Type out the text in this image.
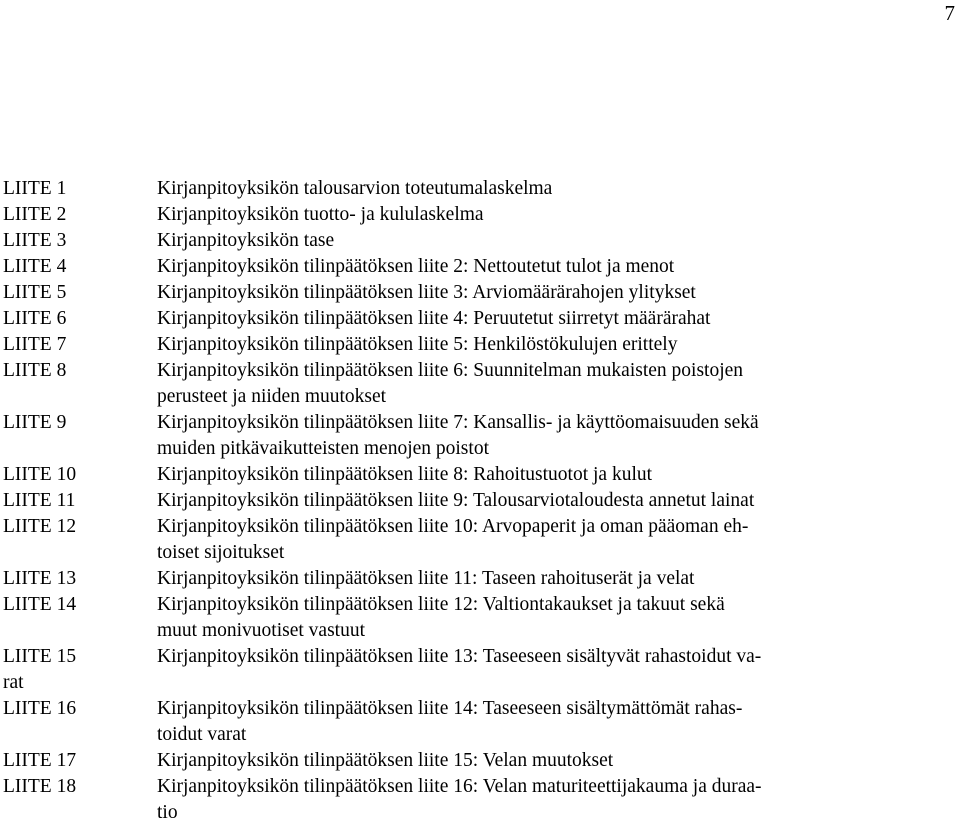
7
LIITE 1	Kirjanpitoyksikön talousarvion toteutumalaskelma
LIITE 2	Kirjanpitoyksikön tuotto- ja kululaskelma
LIITE 3	Kirjanpitoyksikön tase
LIITE 4	Kirjanpitoyksikön tilinpäätöksen liite 2: Nettoutetut tulot ja menot
LIITE 5	Kirjanpitoyksikön tilinpäätöksen liite 3: Arviomäärärahojen ylitykset
LIITE 6	Kirjanpitoyksikön tilinpäätöksen liite 4: Peruutetut siirretyt määrärahat
LIITE 7	Kirjanpitoyksikön tilinpäätöksen liite 5: Henkilöstökulujen erittely
LIITE 8	Kirjanpitoyksikön tilinpäätöksen liite 6: Suunnitelman mukaisten poistojen
perusteet ja niiden muutokset
LIITE 9	Kirjanpitoyksikön tilinpäätöksen liite 7: Kansallis- ja käyttöomaisuuden sekä
muiden pitkävaikutteisten menojen poistot
LIITE 10	Kirjanpitoyksikön tilinpäätöksen liite 8: Rahoitustuotot ja kulut
LIITE 11	Kirjanpitoyksikön tilinpäätöksen liite 9: Talousarviotaloudesta annetut lainat
LIITE 12	Kirjanpitoyksikön tilinpäätöksen liite 10: Arvopaperit ja oman pääoman eh-
toiset sijoitukset
LIITE 13	Kirjanpitoyksikön tilinpäätöksen liite 11: Taseen rahoituserät ja velat
LIITE 14	Kirjanpitoyksikön tilinpäätöksen liite 12: Valtiontakaukset ja takuut sekä
muut monivuotiset vastuut
LIITE 15	Kirjanpitoyksikön tilinpäätöksen liite 13: Taseeseen sisältyvät rahastoidut va-
rat
LIITE 16	Kirjanpitoyksikön tilinpäätöksen liite 14: Taseeseen sisältymättömät rahas-
toidut varat
LIITE 17	Kirjanpitoyksikön tilinpäätöksen liite 15: Velan muutokset
LIITE 18	Kirjanpitoyksikön tilinpäätöksen liite 16: Velan maturiteettijakauma ja duraa-
tio
